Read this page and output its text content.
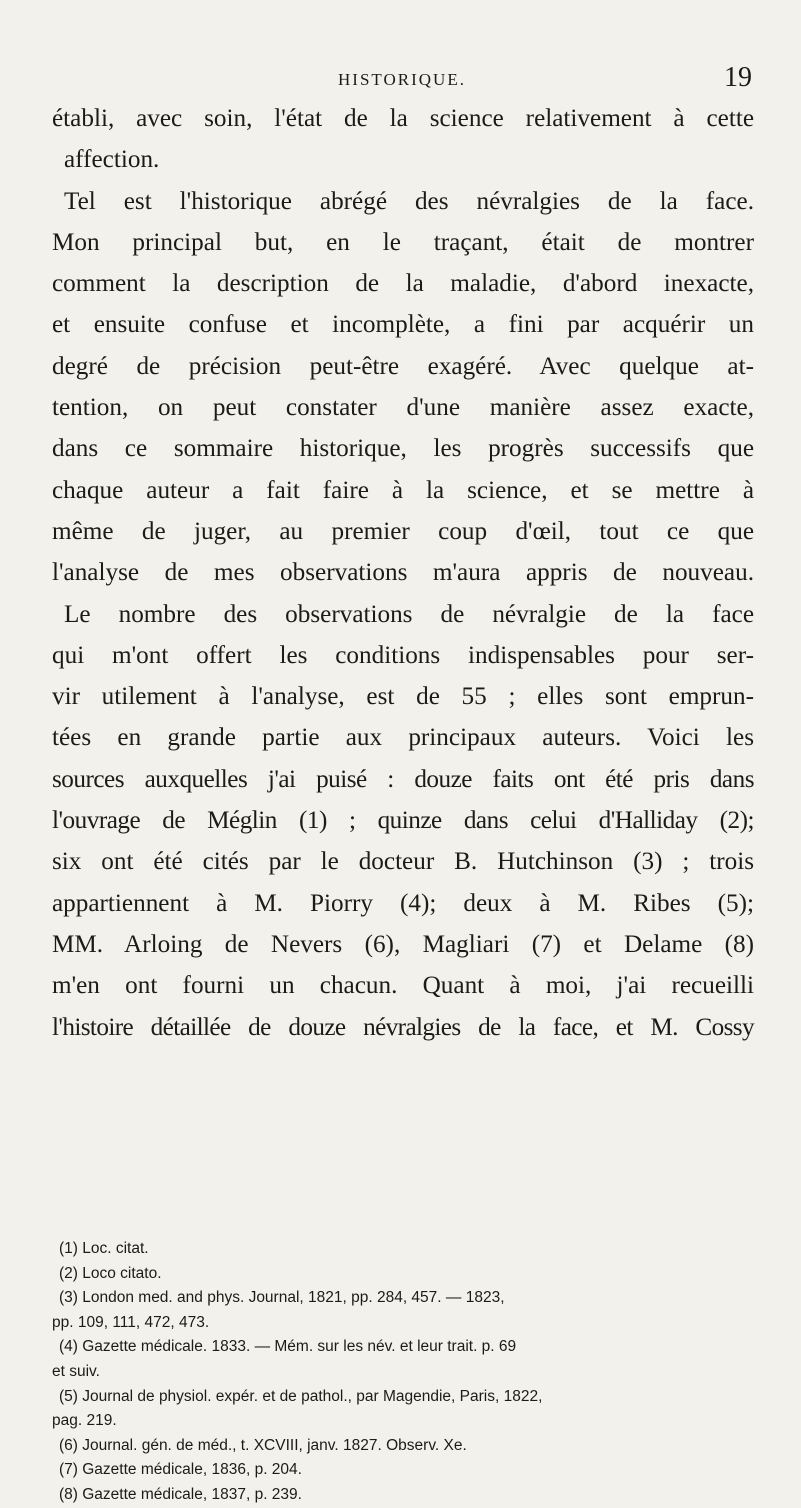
HISTORIQUE.	19

établi, avec soin, l'état de la science relativement à cette

affection.

Tel est l'historique abrégé des névralgies de la face.

Mon principal but, en le traçant, était de montrer

comment la description de la maladie, d'abord inexacte,

et ensuite confuse et incomplète, a fini par acquérir un

degré de précision peut-être exagéré. Avec quelque at-

tention, on peut constater d'une manière assez exacte,

dans ce sommaire historique, les progrès successifs que

chaque auteur a fait faire à la science, et se mettre à

même de juger, au premier coup d'œil, tout ce que

l'analyse de mes observations m'aura appris de nouveau.

Le nombre des observations de névralgie de la face

qui m'ont offert les conditions indispensables pour ser-

vir utilement à l'analyse, est de 55 ; elles sont emprun-

tées en grande partie aux principaux auteurs. Voici les

sources auxquelles j'ai puisé : douze faits ont été pris dans

l'ouvrage de Méglin (1) ; quinze dans celui d'Halliday (2);

six ont été cités par le docteur B. Hutchinson (3) ; trois

appartiennent à M. Piorry (4); deux à M. Ribes (5);

MM. Arloing de Nevers (6), Magliari (7) et Delame (8)

m'en ont fourni un chacun. Quant à moi, j'ai recueilli

l'histoire détaillée de douze névralgies de la face, et M. Cossy

(1) Loc. citat.
(2) Loco citato.
(3) London med. and phys. Journal, 1821, pp. 284, 457. — 1823,
pp. 109, 111, 472, 473.
(4) Gazette médicale. 1833. — Mém. sur les név. et leur trait. p. 69
et suiv.
(5) Journal de physiol. expér. et de pathol., par Magendie, Paris, 1822,
pag. 219.
(6) Journal. gén. de méd., t. XCVIII, janv. 1827. Observ. Xe.
(7) Gazette médicale, 1836, p. 204.
(8) Gazette médicale, 1837, p. 239.
